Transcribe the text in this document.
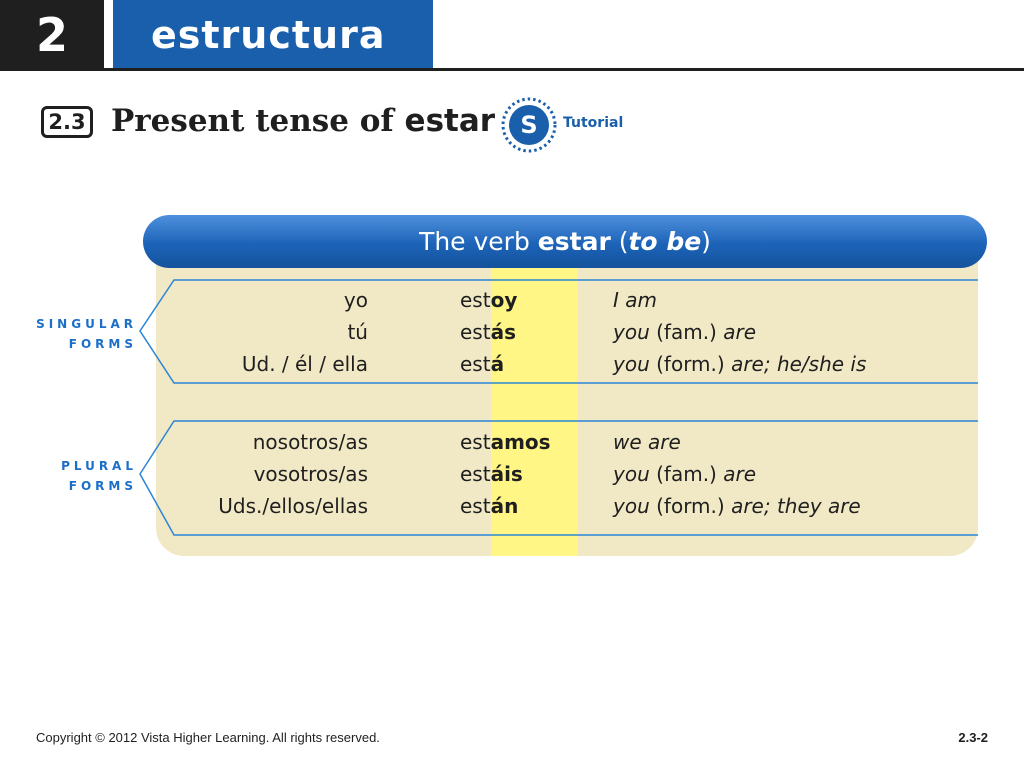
2	estructura
2.3 Present tense of estar S Tutorial
The verb estar ( to be )
SINGULAR
FORMS
PLURAL
FORMS
yo	estoy	I am
tú	estás	you (fam.) are
Ud. / él / ella	está	you (form.) are; he/she is
nosotros/as	estamos	we are
vosotros/as	estáis	you (fam.) are
Uds./ellos/ellas	están	you (form.) are; they are
Copyright © 2012 Vista Higher Learning. All rights reserved.	2.3-2
